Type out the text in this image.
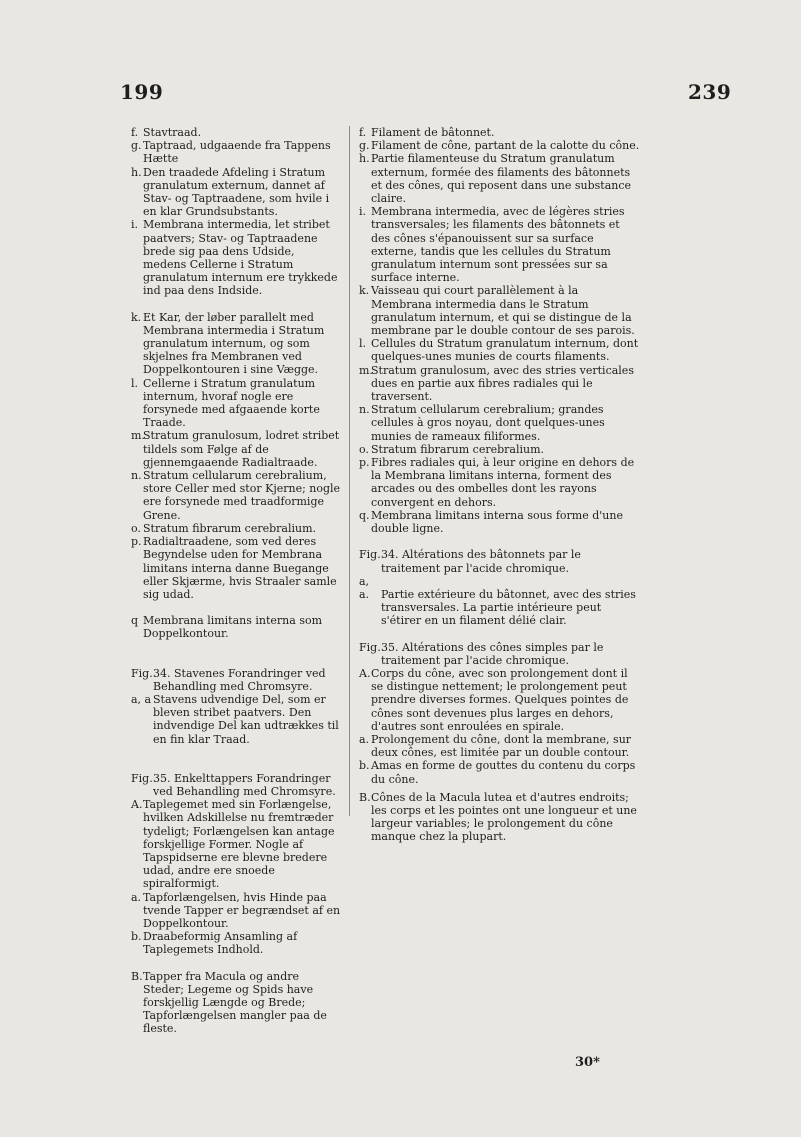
199	239

f. Stavtraad.

g.Taptraad, udgaaende fra Tappens Hætte

h.Den traadede Afdeling i Stratum granulatum externum, dannet af Stav- og Taptraadene, som hvile i en klar Grundsubstants.

i. Membrana intermedia, let stribet paatvers; Stav- og Taptraadene brede sig paa dens Udside, medens Cellerne i Stratum granulatum internum ere trykkede ind paa dens Indside.

k. Et Kar, der løber parallelt med Membrana intermedia i Stratum granulatum internum, og som skjelnes fra Membranen ved Doppelkontouren i sine Vægge.

l. Cellerne i Stratum granulatum internum, hvoraf nogle ere forsynede med afgaaende korte Traade.

m.Stratum granulosum, lodret stribet tildels som Følge af de gjennemgaaende Radialtraade.

n.Stratum cellularum cerebralium, store Celler med stor Kjerne; nogle ere forsynede med traadformige Grene.

o. Stratum fibrarum cerebralium.

p.Radialtraadene, som ved deres Begyndelse uden for Membrana limitans interna danne Buegange eller Skjærme, hvis Straaler samle sig udad.

q Membrana limitans interna som Doppelkontour.

Fig.34. Stavenes Forandringer ved Behandling med Chromsyre.

a, a Stavens udvendige Del, som er bleven stribet paatvers. Den indvendige Del kan udtrækkes til en fin klar Traad.

Fig.35. Enkelttappers Forandringer ved Behandling med Chromsyre.

A.Taplegemet med sin Forlængelse, hvilken Adskillelse nu fremtræder tydeligt; Forlængelsen kan antage forskjellige Former. Nogle af Tapspidserne ere blevne bredere udad, andre ere snoede spiralformigt.

a. Tapforlængelsen, hvis Hinde paa tvende Tapper er begrændset af en Doppelkontour.

b.Draabeformig Ansamling af Taplegemets Indhold.

B.Tapper fra Macula og andre Steder; Legeme og Spids have forskjellig Længde og Brede; Tapforlængelsen mangler paa de fleste.

f. Filament de bâtonnet.

g.Filament de cône, partant de la calotte du cône.

h.Partie filamenteuse du Stratum granulatum externum, formée des filaments des bâtonnets et des cônes, qui reposent dans une substance claire.

i. Membrana intermedia, avec de légères stries transversales; les filaments des bâtonnets et des cônes s'épanouissent sur sa surface externe, tandis que les cellules du Stratum granulatum internum sont pressées sur sa surface interne.

k. Vaisseau qui court parallèlement à la Membrana intermedia dans le Stratum granulatum internum, et qui se distingue de la membrane par le double contour de ses parois.

l. Cellules du Stratum granulatum internum, dont quelques-unes munies de courts filaments.

m.Stratum granulosum, avec des stries verticales dues en partie aux fibres radiales qui le traversent.

n.Stratum cellularum cerebralium; grandes cellules à gros noyau, dont quelques-unes munies de rameaux filiformes.

o. Stratum fibrarum cerebralium.

p.Fibres radiales qui, à leur origine en dehors de la Membrana limitans interna, forment des arcades ou des ombelles dont les rayons convergent en dehors.

q.Membrana limitans interna sous forme d'une double ligne.

Fig.34. Altérations des bâtonnets par le traitement par l'acide chromique.

a, a. Partie extérieure du bâtonnet, avec des stries transversales. La partie intérieure peut s'étirer en un filament délié clair.

Fig.35. Altérations des cônes simples par le traitement par l'acide chromique.

A.Corps du cône, avec son prolongement dont il se distingue nettement; le prolongement peut prendre diverses formes. Quelques pointes de cônes sont devenues plus larges en dehors, d'autres sont enroulées en spirale.

a. Prolongement du cône, dont la membrane, sur deux cônes, est limitée par un double contour.

b.Amas en forme de gouttes du contenu du corps du cône.

B.Cônes de la Macula lutea et d'autres endroits; les corps et les pointes ont une longueur et une largeur variables; le prolongement du cône manque chez la plupart.

30*
